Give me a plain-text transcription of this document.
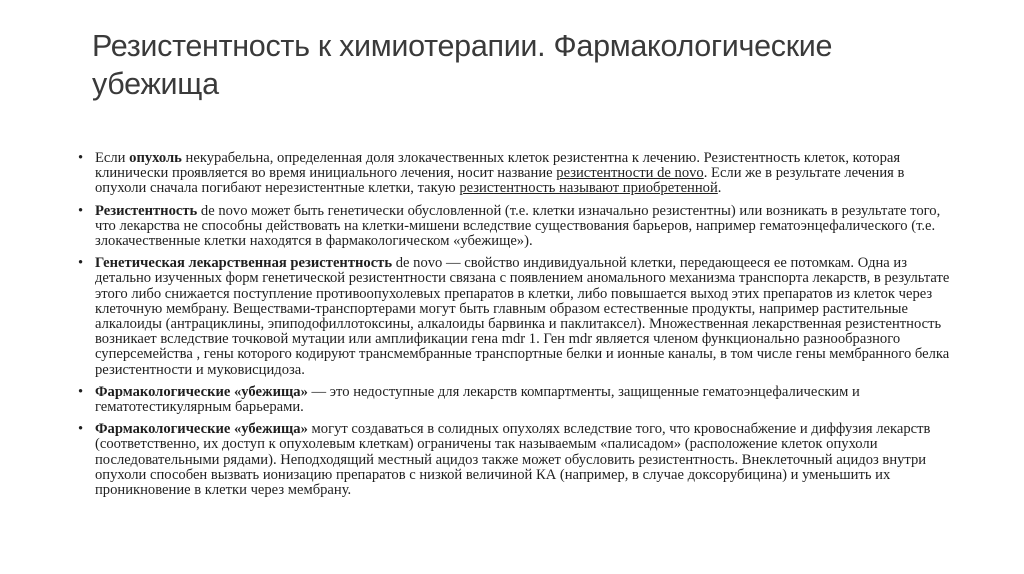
Резистентность к химиотерапии. Фармакологические убежища
• Если опухоль некурабельна, определенная доля злокачественных клеток резистентна к лечению. Резистентность клеток, которая клинически проявляется во время инициального лечения, носит название резистентности de novo. Если же в результате лечения в опухоли сначала погибают нерезистентные клетки, такую резистентность называют приобретенной.
• Резистентность de novo может быть генетически обусловленной (т.е. клетки изначально резистентны) или возникать в результате того, что лекарства не способны действовать на клетки-мишени вследствие существования барьеров, например гематоэнцефалического (т.е. злокачественные клетки находятся в фармакологическом «убежище»).
• Генетическая лекарственная резистентность de novo — свойство индивидуальной клетки, передающееся ее потомкам. Одна из детально изученных форм генетической резистентности связана с появлением аномального механизма транспорта лекарств, в результате этого либо снижается поступление противоопухолевых препаратов в клетки, либо повышается выход этих препаратов из клеток через клеточную мембрану. Веществами-транспортерами могут быть главным образом естественные продукты, например растительные алкалоиды (антрациклины, эпиподофиллотоксины, алкалоиды барвинка и паклитаксел). Множественная лекарственная резистентность возникает вследствие точковой мутации или амплификации гена mdr 1. Ген mdr является членом функционально разнообразного суперсемейства , гены которого кодируют трансмембранные транспортные белки и ионные каналы, в том числе гены мембранного белка резистентности и муковисцидоза.
• Фармакологические «убежища» — это недоступные для лекарств компартменты, защищенные гематоэнцефалическим и гематотестикулярным барьерами.
• Фармакологические «убежища» могут создаваться в солидных опухолях вследствие того, что кровоснабжение и диффузия лекарств (соответственно, их доступ к опухолевым клеткам) ограничены так называемым «палисадом» (расположение клеток опухоли последовательными рядами). Неподходящий местный ацидоз также может обусловить резистентность. Внеклеточный ацидоз внутри опухоли способен вызвать ионизацию препаратов с низкой величиной КА (например, в случае доксорубицина) и уменьшить их проникновение в клетки через мембрану.
